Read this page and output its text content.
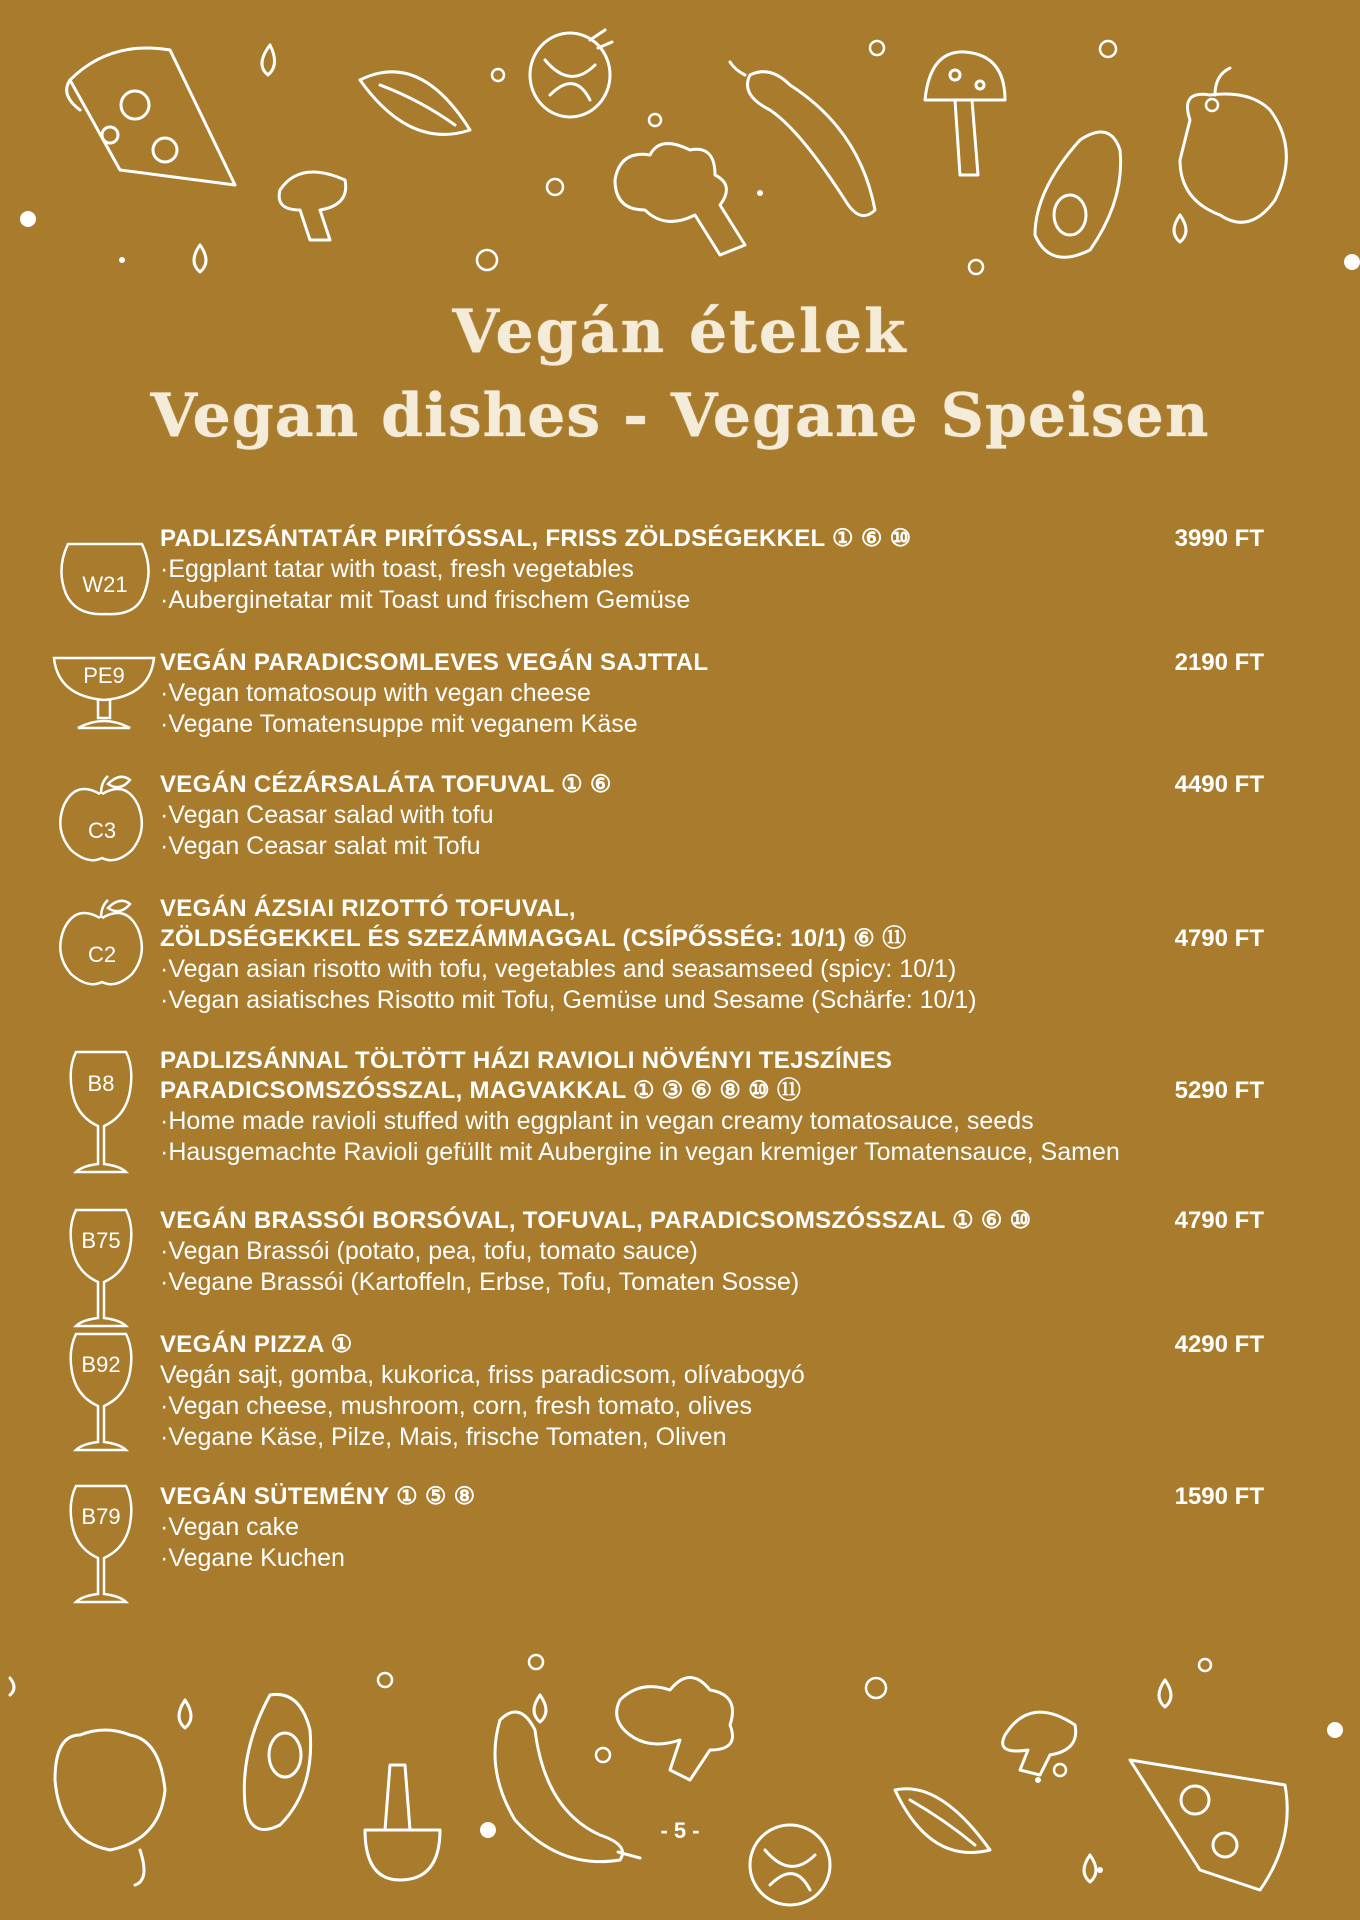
Vegán ételek
Vegan dishes - Vegane Speisen
W21
PADLIZSÁNTATÁR PIRÍTÓSSAL, FRISS ZÖLDSÉGEKKEL ① ⑥ ⑩
·Eggplant tatar with toast, fresh vegetables
·Auberginetatar mit Toast und frischem Gemüse
3990 FT
PE9 VEGÁN PARADICSOMLEVES VEGÁN SAJTTAL
·Vegan tomatosoup with vegan cheese
·Vegane Tomatensuppe mit veganem Käse
2190 FT
C3
VEGÁN CÉZÁRSALÁTA TOFUVAL ① ⑥
·Vegan Ceasar salad with tofu
·Vegan Ceasar salat mit Tofu
4490 FT
C2
VEGÁN ÁZSIAI RIZOTTÓ TOFUVAL,
ZÖLDSÉGEKKEL ÉS SZEZÁMMAGGAL (CSÍPŐSSÉG: 10/1) ⑥ ⑪
·Vegan asian risotto with tofu, vegetables and seasamseed (spicy: 10/1)
·Vegan asiatisches Risotto mit Tofu, Gemüse und Sesame (Schärfe: 10/1)
4790 FT
B8
PADLIZSÁNNAL TÖLTÖTT HÁZI RAVIOLI NÖVÉNYI TEJSZÍNES
PARADICSOMSZÓSSZAL, MAGVAKKAL ① ③ ⑥ ⑧ ⑩ ⑪
·Home made ravioli stuffed with eggplant in vegan creamy tomatosauce, seeds
·Hausgemachte Ravioli gefüllt mit Aubergine in vegan kremiger Tomatensauce, Samen
5290 FT
B75
VEGÁN BRASSÓI BORSÓVAL, TOFUVAL, PARADICSOMSZÓSSZAL ① ⑥ ⑩
·Vegan Brassói (potato, pea, tofu, tomato sauce)
·Vegane Brassói (Kartoffeln, Erbse, Tofu, Tomaten Sosse)
4790 FT
B92
VEGÁN PIZZA ①
Vegán sajt, gomba, kukorica, friss paradicsom, olívabogyó
·Vegan cheese, mushroom, corn, fresh tomato, olives
·Vegane Käse, Pilze, Mais, frische Tomaten, Oliven
4290 FT
B79
VEGÁN SÜTEMÉNY ① ⑤ ⑧
·Vegan cake
·Vegane Kuchen
1590 FT
- 5 -
